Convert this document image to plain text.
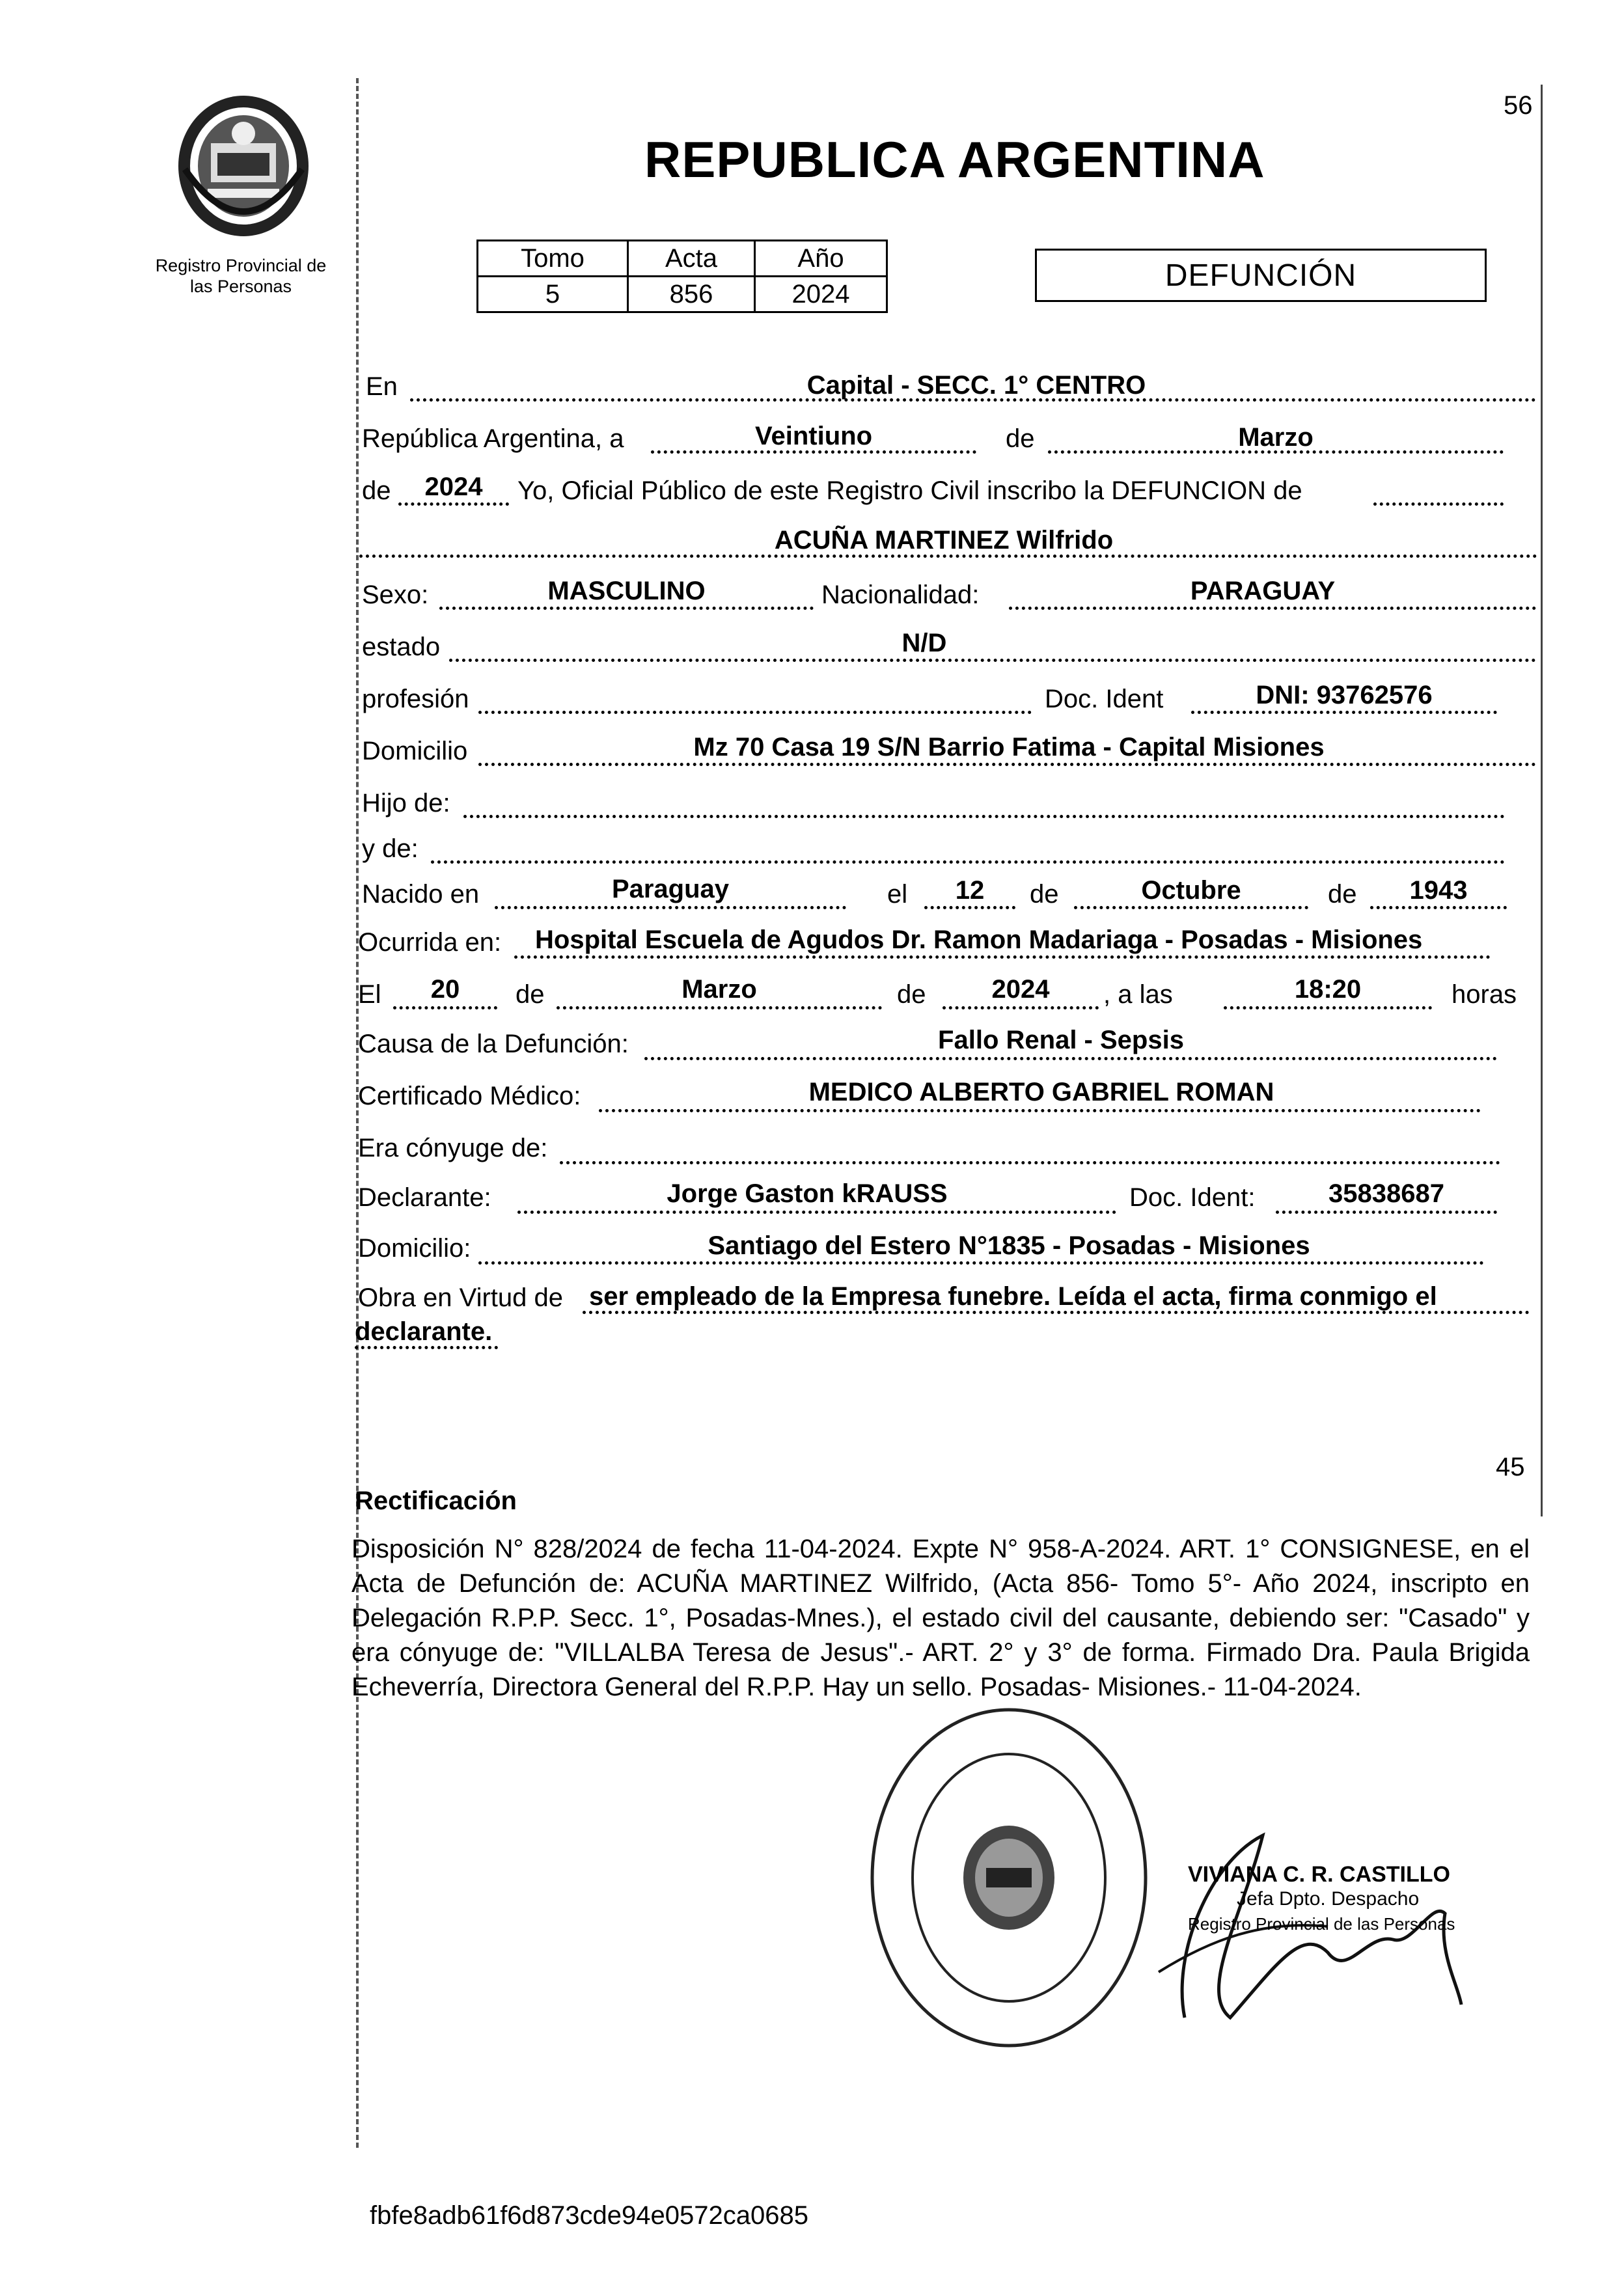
56
Registro Provincial de
las Personas
REPUBLICA ARGENTINA
Tomo	Acta	Año
5	856	2024
DEFUNCIÓN
En	Capital - SECC. 1° CENTRO
República Argentina, a	Veintiuno	de	Marzo
de	2024	Yo, Oficial Público de este Registro Civil inscribo la DEFUNCION de
ACUÑA MARTINEZ Wilfrido
Sexo:	MASCULINO	Nacionalidad:	PARAGUAY
estado	N/D
profesión	Doc. Ident	DNI: 93762576
Domicilio	Mz 70 Casa 19 S/N Barrio Fatima - Capital Misiones
Hijo de:
y de:
Nacido en	Paraguay	el	12	de	Octubre	de	1943
Ocurrida en: Hospital Escuela de Agudos Dr. Ramon Madariaga - Posadas - Misiones
El	20	de	Marzo	de	2024	, a las	18:20	horas
Causa de la Defunción:	Fallo Renal - Sepsis
Certificado Médico:	MEDICO ALBERTO GABRIEL ROMAN
Era cónyuge de:
Declarante:	Jorge Gaston kRAUSS	Doc. Ident:	35838687
Domicilio:	Santiago del Estero N°1835 - Posadas - Misiones
Obra en Virtud de ser empleado de la Empresa funebre. Leída el acta, firma conmigo el
declarante.
45
Rectificación
Disposición N° 828/2024 de fecha 11-04-2024. Expte N° 958-A-2024. ART. 1° CONSIGNESE, en el Acta de Defunción de: ACUÑA MARTINEZ Wilfrido, (Acta 856- Tomo 5°- Año 2024, inscripto en Delegación R.P.P. Secc. 1°, Posadas-Mnes.), el estado civil del causante, debiendo ser: "Casado" y era cónyuge de: "VILLALBA Teresa de Jesus".- ART. 2° y 3° de forma. Firmado Dra. Paula Brigida Echeverría, Directora General del R.P.P. Hay un sello. Posadas- Misiones.- 11-04-2024.
VIVIANA C. R. CASTILLO
Jefa Dpto. Despacho
Registro Provincial de las Personas
fbfe8adb61f6d873cde94e0572ca0685
